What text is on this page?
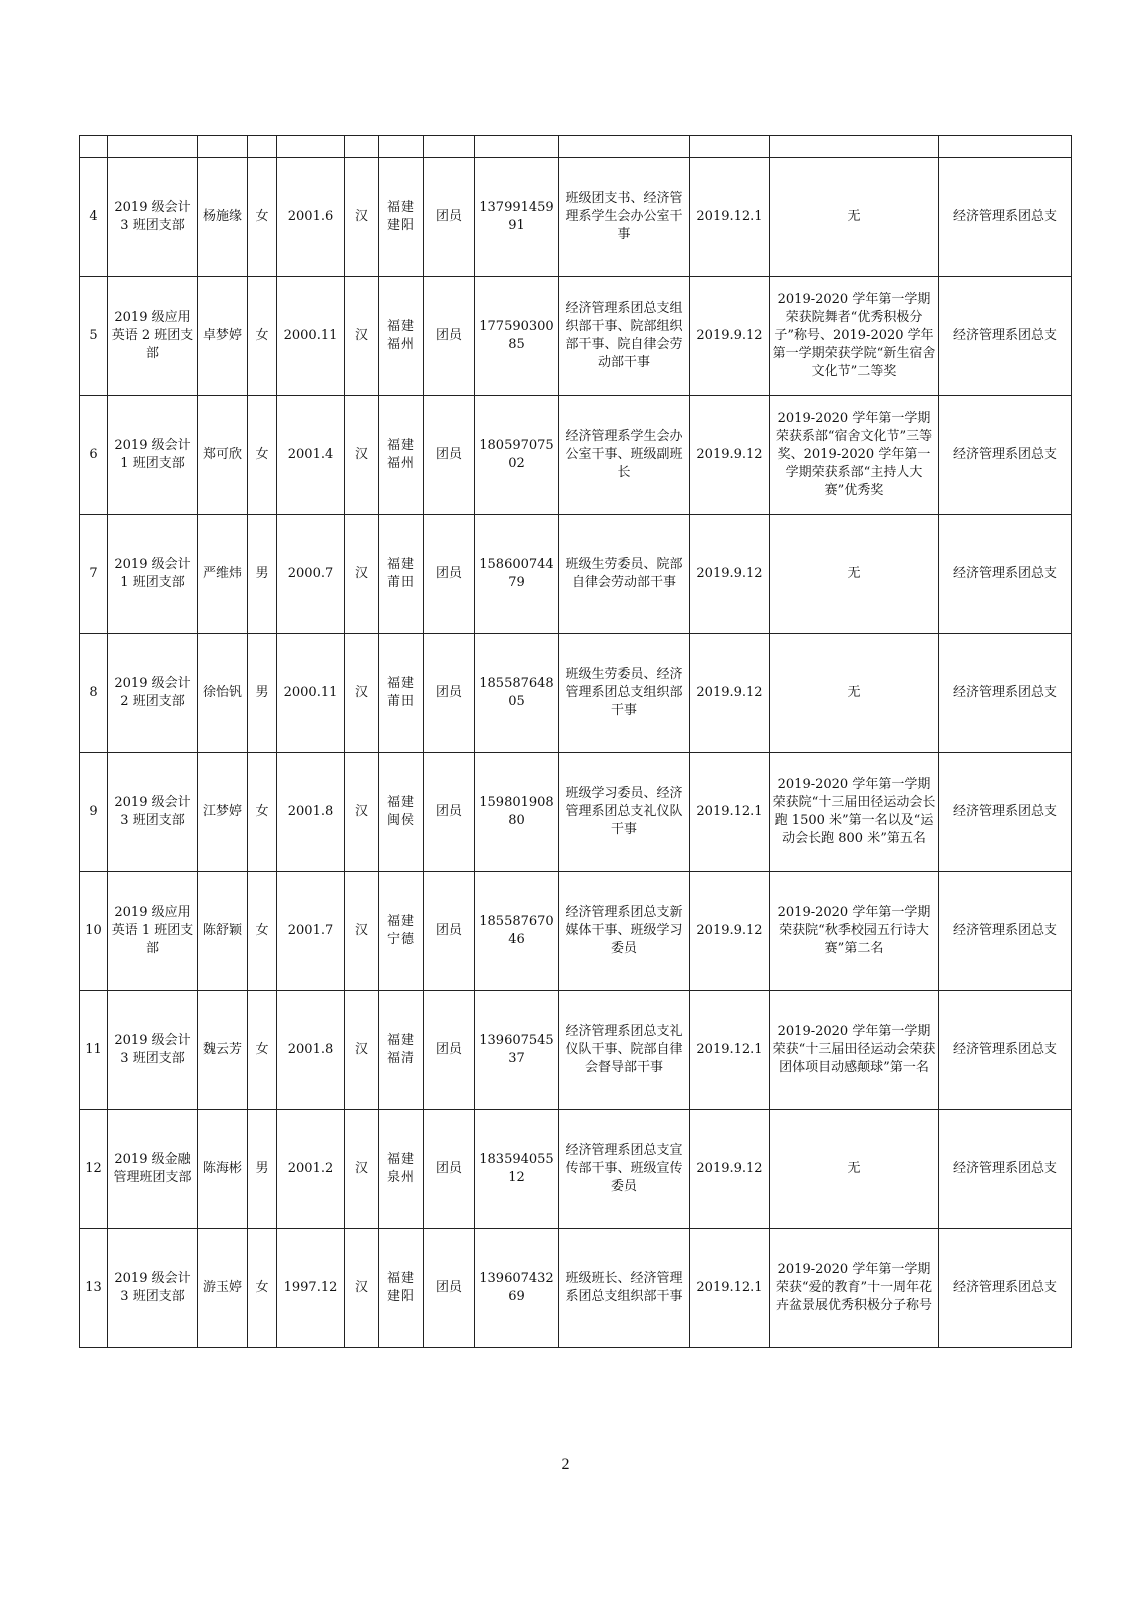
4	2019 级会计 3 班团支部	杨施缘	女	2001.6	汉	福建建阳	团员	13799145991	班级团支书、经济管理系学生会办公室干事	2019.12.1	无	经济管理系团总支
5	2019 级应用英语 2 班团支部	卓梦婷	女	2000.11	汉	福建福州	团员	17759030085	经济管理系团总支组织部干事、院部组织部干事、院自律会劳动部干事	2019.9.12	2019-2020 学年第一学期荣获院舞者“优秀积极分子”称号、2019-2020 学年第一学期荣获学院“新生宿舍文化节”二等奖	经济管理系团总支
6	2019 级会计 1 班团支部	郑可欣	女	2001.4	汉	福建福州	团员	18059707502	经济管理系学生会办公室干事、班级副班长	2019.9.12	2019-2020 学年第一学期荣获系部“宿舍文化节”三等奖、2019-2020 学年第一学期荣获系部“主持人大赛”优秀奖	经济管理系团总支
7	2019 级会计 1 班团支部	严维炜	男	2000.7	汉	福建莆田	团员	15860074479	班级生劳委员、院部自律会劳动部干事	2019.9.12	无	经济管理系团总支
8	2019 级会计 2 班团支部	徐怡钒	男	2000.11	汉	福建莆田	团员	18558764805	班级生劳委员、经济管理系团总支组织部干事	2019.9.12	无	经济管理系团总支
9	2019 级会计 3 班团支部	江梦婷	女	2001.8	汉	福建闽侯	团员	15980190880	班级学习委员、经济管理系团总支礼仪队干事	2019.12.1	2019-2020 学年第一学期荣获院“十三届田径运动会长跑 1500 米”第一名以及“运动会长跑 800 米”第五名	经济管理系团总支
10	2019 级应用英语 1 班团支部	陈舒颖	女	2001.7	汉	福建宁德	团员	18558767046	经济管理系团总支新媒体干事、班级学习委员	2019.9.12	2019-2020 学年第一学期荣获院“秋季校园五行诗大赛”第二名	经济管理系团总支
11	2019 级会计 3 班团支部	魏云芳	女	2001.8	汉	福建福清	团员	13960754537	经济管理系团总支礼仪队干事、院部自律会督导部干事	2019.12.1	2019-2020 学年第一学期荣获“十三届田径运动会荣获团体项目动感颠球”第一名	经济管理系团总支
12	2019 级金融管理班团支部	陈海彬	男	2001.2	汉	福建泉州	团员	18359405512	经济管理系团总支宣传部干事、班级宣传委员	2019.9.12	无	经济管理系团总支
13	2019 级会计 3 班团支部	游玉婷	女	1997.12	汉	福建建阳	团员	13960743269	班级班长、经济管理系团总支组织部干事	2019.12.1	2019-2020 学年第一学期荣获“爱的教育”十一周年花卉盆景展优秀积极分子称号	经济管理系团总支
2
